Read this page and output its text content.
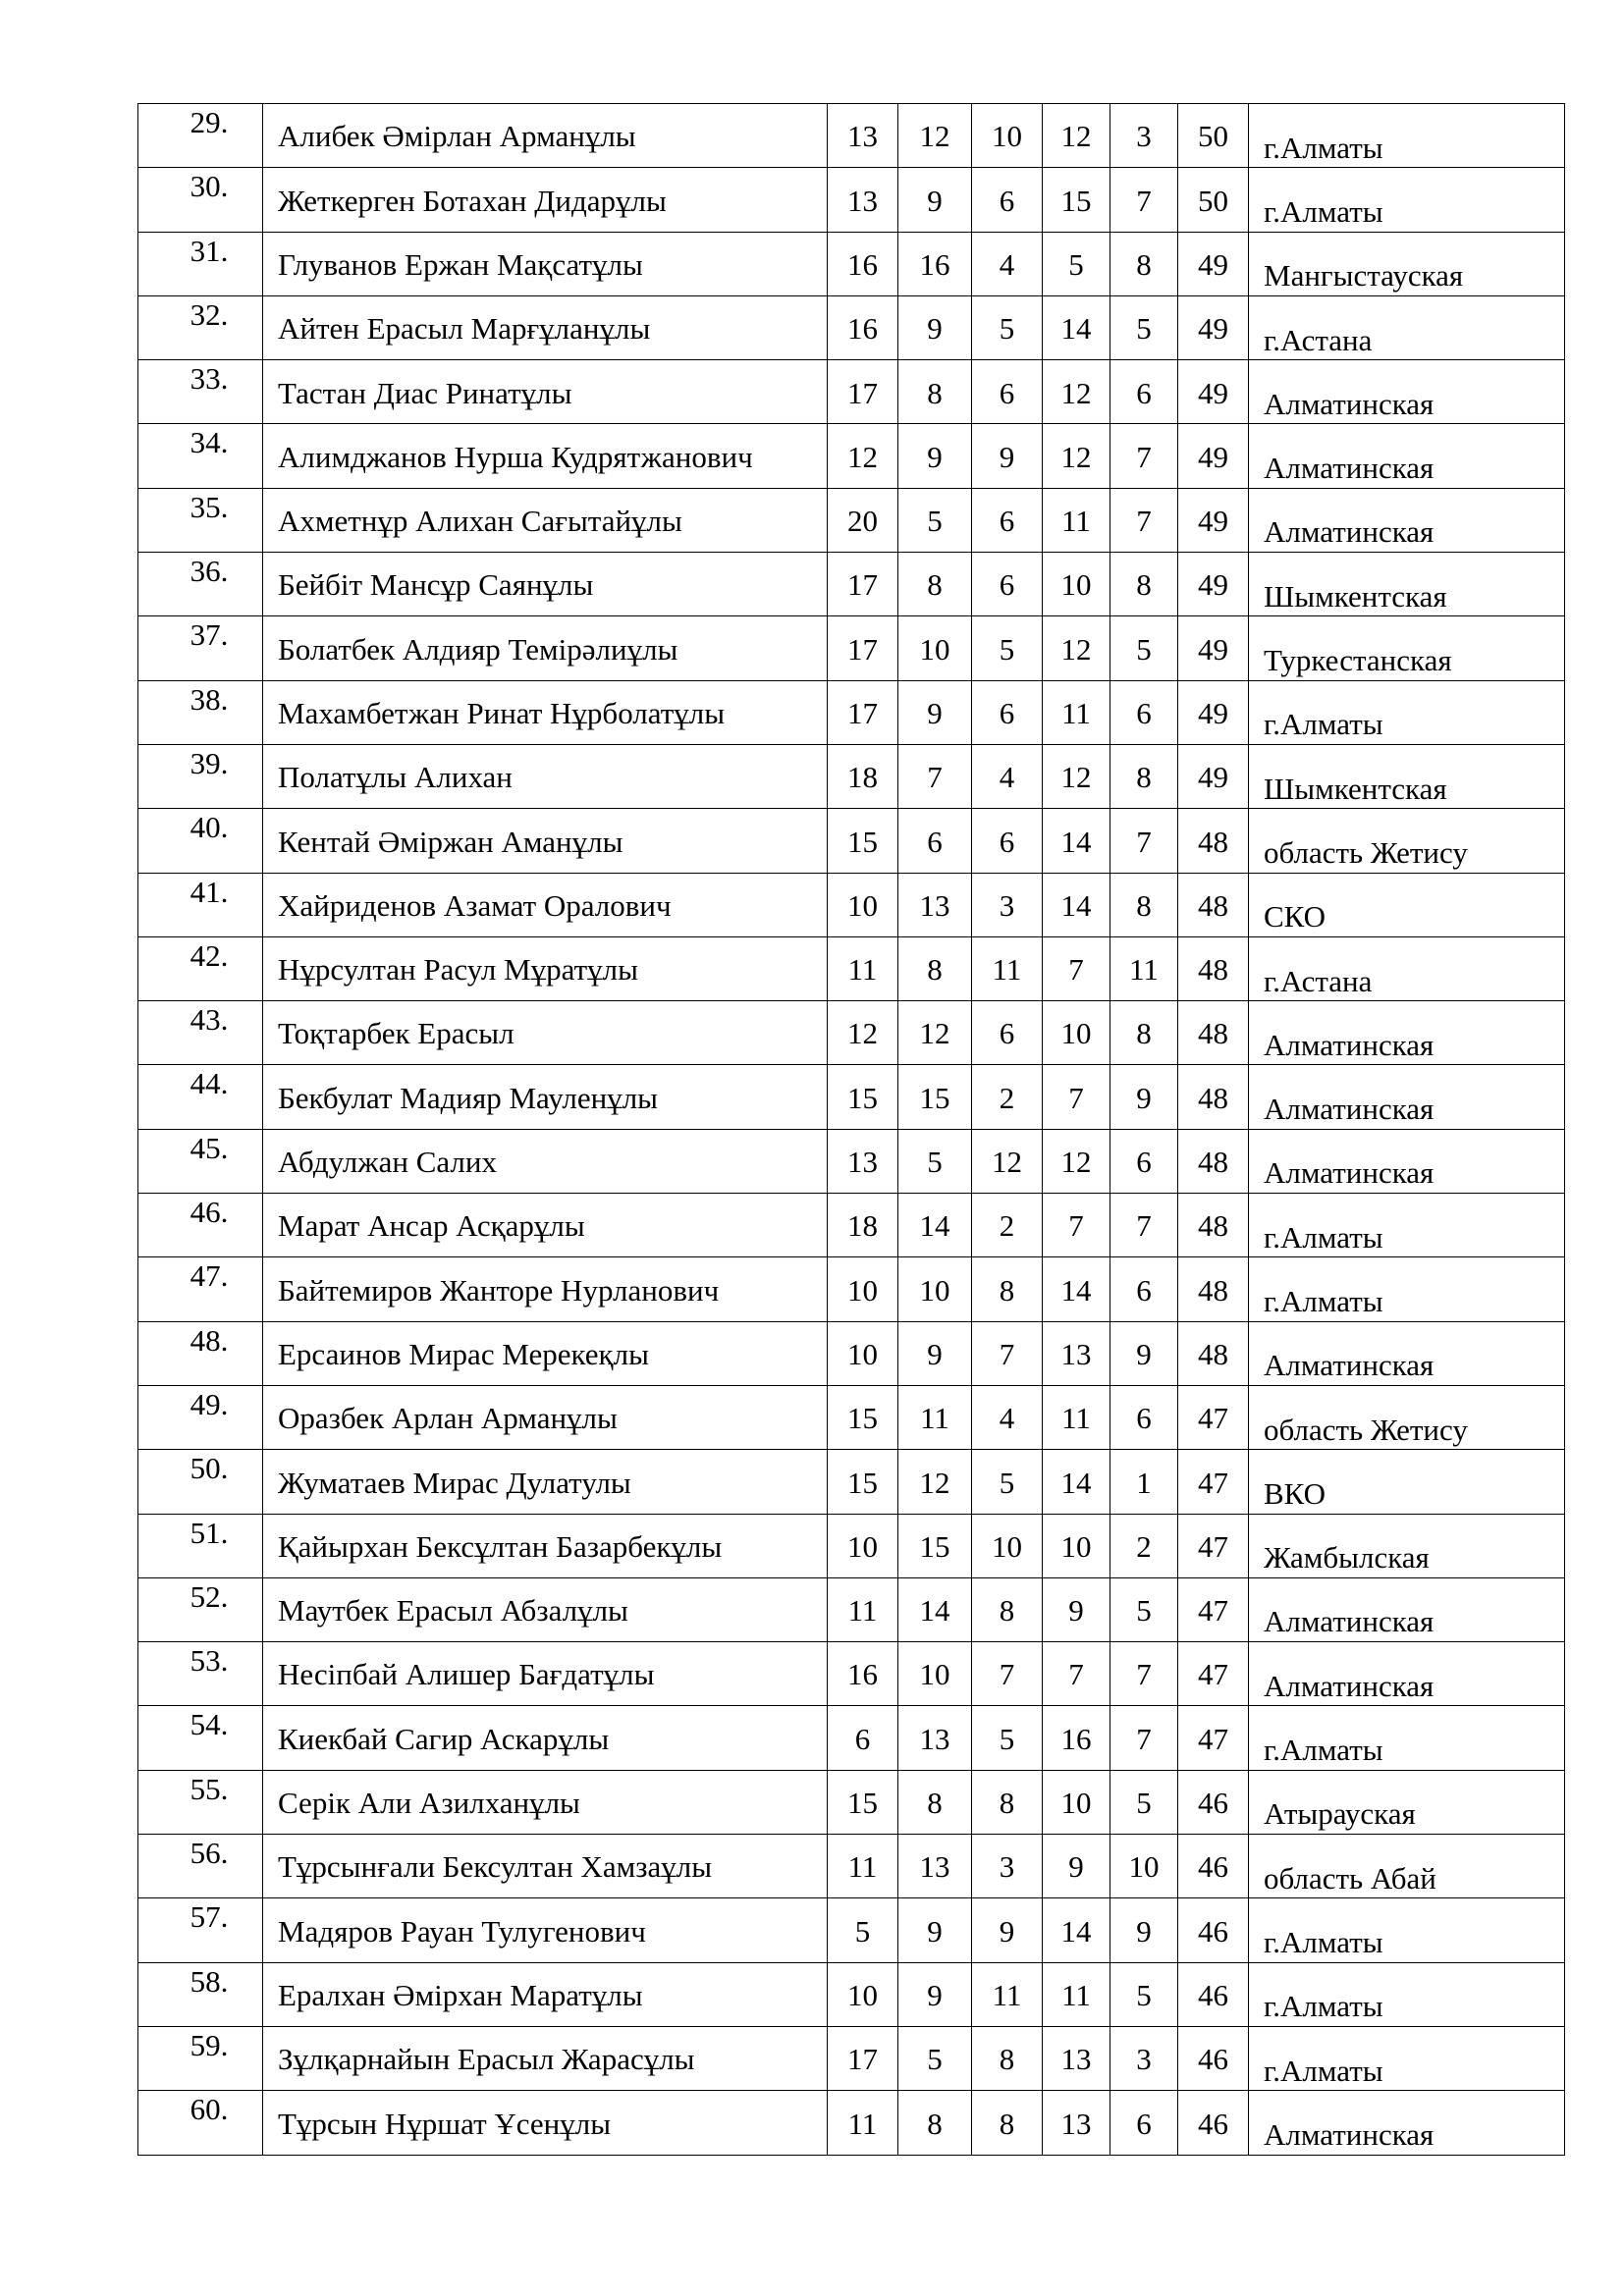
29.	Алибек Әмірлан Арманұлы	13	12	10	12	3	50	г.Алматы
30.	Жеткерген Ботахан Дидарұлы	13	9	6	15	7	50	г.Алматы
31.	Глуванов Ержан Мақсатұлы	16	16	4	5	8	49	Мангыстауская
32.	Айтен Ерасыл Марғұланұлы	16	9	5	14	5	49	г.Астана
33.	Тастан Диас Ринатұлы	17	8	6	12	6	49	Алматинская
34.	Алимджанов Нурша Кудрятжанович	12	9	9	12	7	49	Алматинская
35.	Ахметнұр Алихан Сағытайұлы	20	5	6	11	7	49	Алматинская
36.	Бейбіт Мансұр Саянұлы	17	8	6	10	8	49	Шымкентская
37.	Болатбек Алдияр Темірәлиұлы	17	10	5	12	5	49	Туркестанская
38.	Махамбетжан Ринат Нұрболатұлы	17	9	6	11	6	49	г.Алматы
39.	Полатұлы Алихан	18	7	4	12	8	49	Шымкентская
40.	Кентай Әміржан Аманұлы	15	6	6	14	7	48	область Жетису
41.	Хайриденов Азамат Оралович	10	13	3	14	8	48	СКО
42.	Нұрсултан Расул Мұратұлы	11	8	11	7	11	48	г.Астана
43.	Тоқтарбек Ерасыл	12	12	6	10	8	48	Алматинская
44.	Бекбулат Мадияр Мауленұлы	15	15	2	7	9	48	Алматинская
45.	Абдулжан Салих	13	5	12	12	6	48	Алматинская
46.	Марат Ансар Асқарұлы	18	14	2	7	7	48	г.Алматы
47.	Байтемиров Жанторе Нурланович	10	10	8	14	6	48	г.Алматы
48.	Ерсаинов Мирас Мерекеқлы	10	9	7	13	9	48	Алматинская
49.	Оразбек Арлан Арманұлы	15	11	4	11	6	47	область Жетису
50.	Жуматаев Мирас Дулатулы	15	12	5	14	1	47	ВКО
51.	Қайырхан Бексұлтан Базарбекұлы	10	15	10	10	2	47	Жамбылская
52.	Маутбек Ерасыл Абзалұлы	11	14	8	9	5	47	Алматинская
53.	Несіпбай Алишер Бағдатұлы	16	10	7	7	7	47	Алматинская
54.	Киекбай Сагир Аскарұлы	6	13	5	16	7	47	г.Алматы
55.	Серік Али Азилханұлы	15	8	8	10	5	46	Атырауская
56.	Тұрсынғали Бексултан Хамзаұлы	11	13	3	9	10	46	область Абай
57.	Мадяров Рауан Тулугенович	5	9	9	14	9	46	г.Алматы
58.	Ералхан Әмірхан Маратұлы	10	9	11	11	5	46	г.Алматы
59.	Зұлқарнайын Ерасыл Жарасұлы	17	5	8	13	3	46	г.Алматы
60.	Тұрсын Нұршат Ұсенұлы	11	8	8	13	6	46	Алматинская
